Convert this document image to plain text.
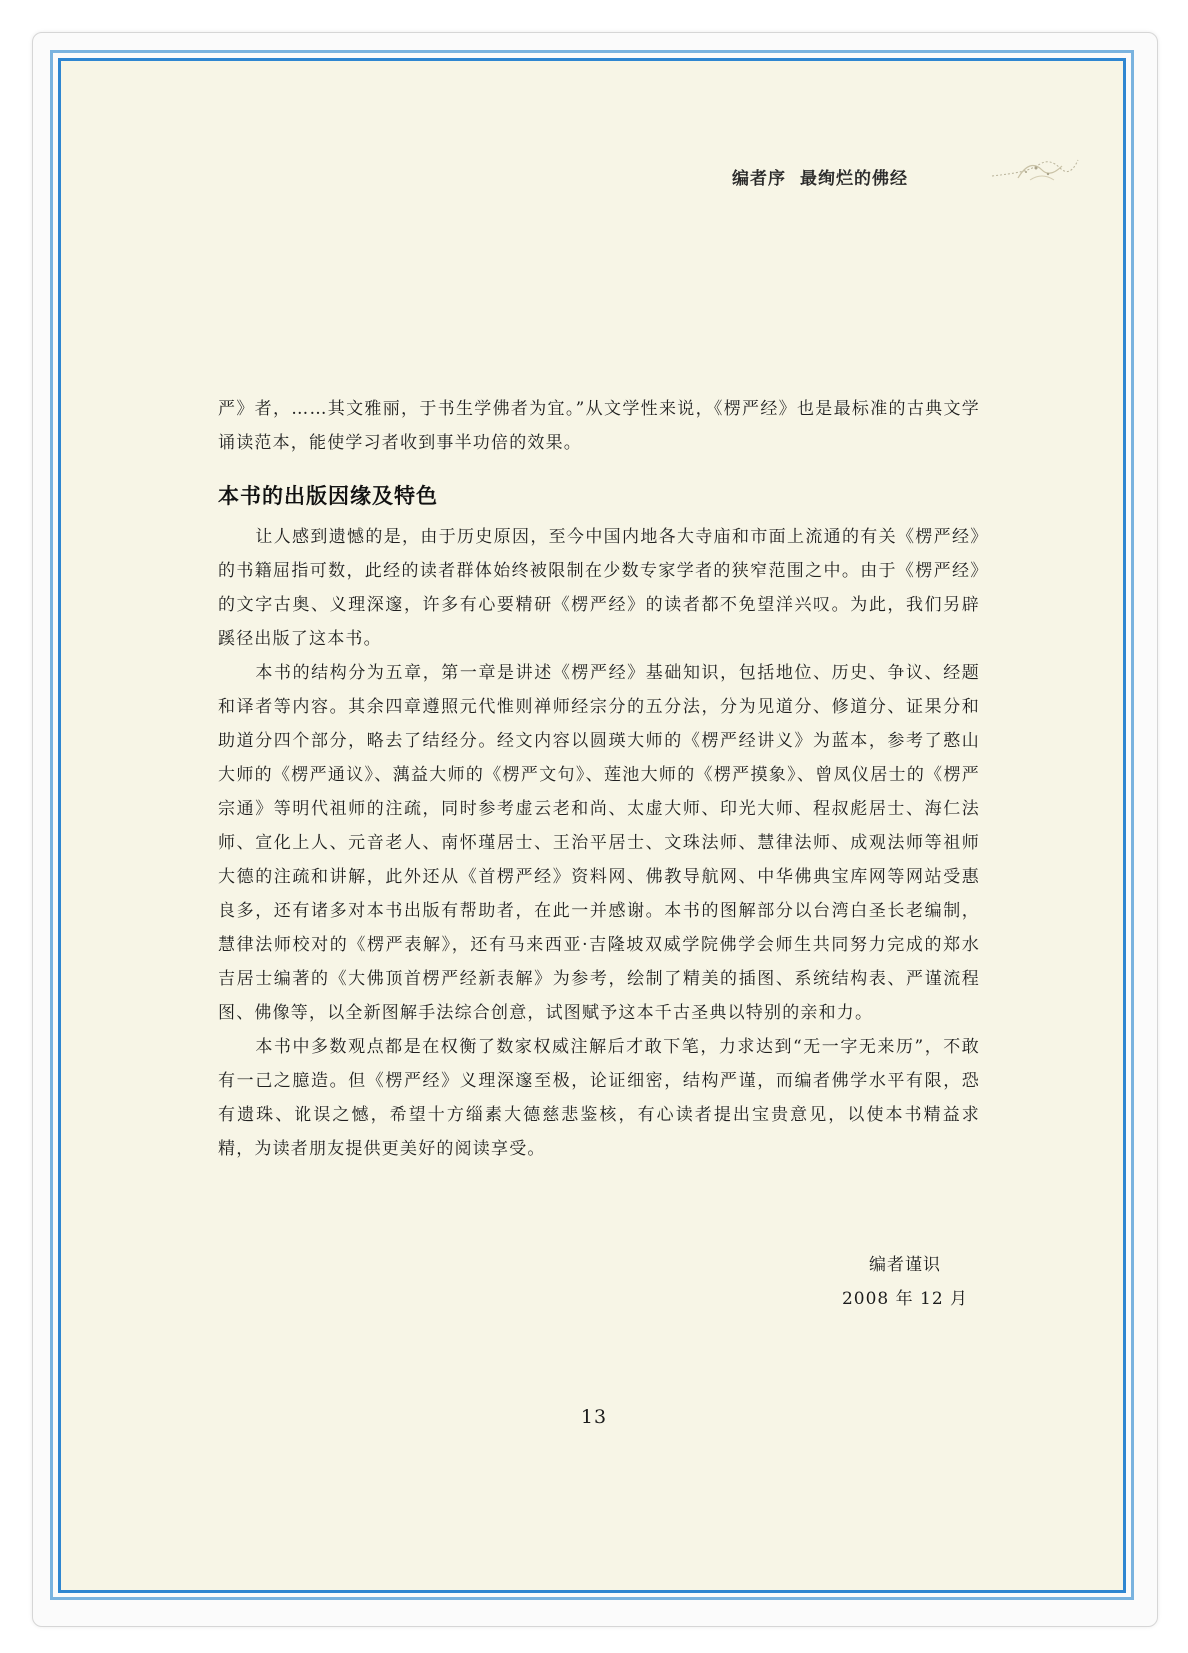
编者序 最绚烂的佛经

严》者，……其文雅丽，于书生学佛者为宜。”从文学性来说，《楞严经》也是最标准的古典文学诵读范本，能使学习者收到事半功倍的效果。

本书的出版因缘及特色

让人感到遗憾的是，由于历史原因，至今中国内地各大寺庙和市面上流通的有关《楞严经》的书籍屈指可数，此经的读者群体始终被限制在少数专家学者的狭窄范围之中。由于《楞严经》的文字古奥、义理深邃，许多有心要精研《楞严经》的读者都不免望洋兴叹。为此，我们另辟蹊径出版了这本书。

本书的结构分为五章，第一章是讲述《楞严经》基础知识，包括地位、历史、争议、经题和译者等内容。其余四章遵照元代惟则禅师经宗分的五分法，分为见道分、修道分、证果分和助道分四个部分，略去了结经分。经文内容以圆瑛大师的《楞严经讲义》为蓝本，参考了憨山大师的《楞严通议》、蕅益大师的《楞严文句》、莲池大师的《楞严摸象》、曾凤仪居士的《楞严宗通》等明代祖师的注疏，同时参考虚云老和尚、太虚大师、印光大师、程叔彪居士、海仁法师、宣化上人、元音老人、南怀瑾居士、王治平居士、文珠法师、慧律法师、成观法师等祖师大德的注疏和讲解，此外还从《首楞严经》资料网、佛教导航网、中华佛典宝库网等网站受惠良多，还有诸多对本书出版有帮助者，在此一并感谢。本书的图解部分以台湾白圣长老编制，慧律法师校对的《楞严表解》，还有马来西亚·吉隆坡双威学院佛学会师生共同努力完成的郑水吉居士编著的《大佛顶首楞严经新表解》为参考，绘制了精美的插图、系统结构表、严谨流程图、佛像等，以全新图解手法综合创意，试图赋予这本千古圣典以特别的亲和力。

本书中多数观点都是在权衡了数家权威注解后才敢下笔，力求达到“无一字无来历”，不敢有一己之臆造。但《楞严经》义理深邃至极，论证细密，结构严谨，而编者佛学水平有限，恐有遗珠、讹误之憾，希望十方缁素大德慈悲鉴核，有心读者提出宝贵意见，以使本书精益求精，为读者朋友提供更美好的阅读享受。

编者谨识
2008 年 12 月
13
